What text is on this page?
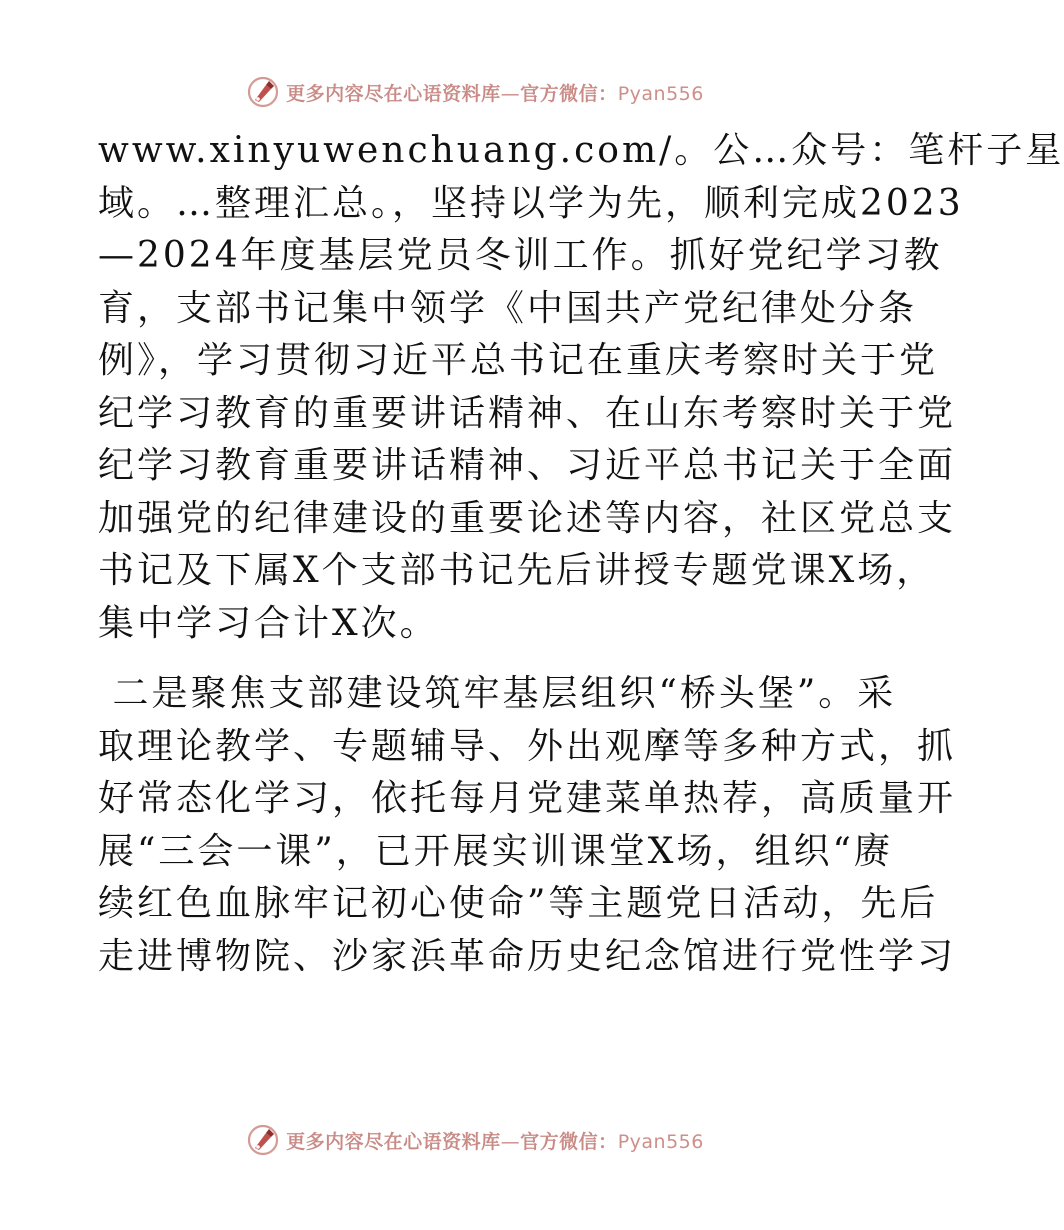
更多内容尽在心语资料库—官方微信：Pyan556

www.xinyuwenchuang.com/。公…众号：笔杆子星
域。…整理汇总。，坚持以学为先，顺利完成2023
—2024年度基层党员冬训工作。抓好党纪学习教
育，支部书记集中领学《中国共产党纪律处分条
例》，学习贯彻习近平总书记在重庆考察时关于党
纪学习教育的重要讲话精神、在山东考察时关于党
纪学习教育重要讲话精神、习近平总书记关于全面
加强党的纪律建设的重要论述等内容，社区党总支
书记及下属X个支部书记先后讲授专题党课X场，
集中学习合计X次。

二是聚焦支部建设筑牢基层组织“桥头堡”。采
取理论教学、专题辅导、外出观摩等多种方式，抓
好常态化学习，依托每月党建菜单热荐，高质量开
展“三会一课”，已开展实训课堂X场，组织“赓
续红色血脉牢记初心使命”等主题党日活动，先后
走进博物院、沙家浜革命历史纪念馆进行党性学习

更多内容尽在心语资料库—官方微信：Pyan556
